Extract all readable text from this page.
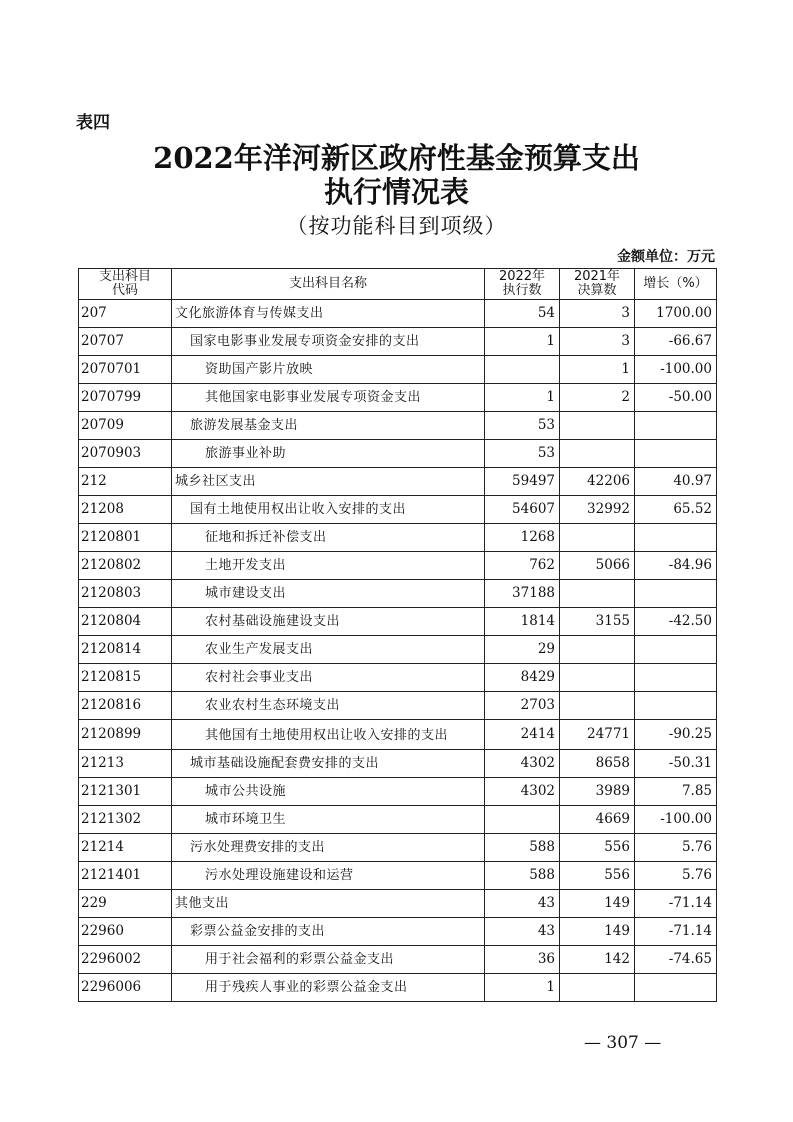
表四
2022年洋河新区政府性基金预算支出
执行情况表
（按功能科目到项级）
金额单位：万元
支出科目代码	支出科目名称	2022年执行数	2021年决算数	增长（%）
207	文化旅游体育与传媒支出	54	3	1700.00
20707	国家电影事业发展专项资金安排的支出	1	3	-66.67
2070701	资助国产影片放映		1	-100.00
2070799	其他国家电影事业发展专项资金支出	1	2	-50.00
20709	旅游发展基金支出	53		
2070903	旅游事业补助	53		
212	城乡社区支出	59497	42206	40.97
21208	国有土地使用权出让收入安排的支出	54607	32992	65.52
2120801	征地和拆迁补偿支出	1268		
2120802	土地开发支出	762	5066	-84.96
2120803	城市建设支出	37188		
2120804	农村基础设施建设支出	1814	3155	-42.50
2120814	农业生产发展支出	29		
2120815	农村社会事业支出	8429		
2120816	农业农村生态环境支出	2703		
2120899	其他国有土地使用权出让收入安排的支出	2414	24771	-90.25
21213	城市基础设施配套费安排的支出	4302	8658	-50.31
2121301	城市公共设施	4302	3989	7.85
2121302	城市环境卫生		4669	-100.00
21214	污水处理费安排的支出	588	556	5.76
2121401	污水处理设施建设和运营	588	556	5.76
229	其他支出	43	149	-71.14
22960	彩票公益金安排的支出	43	149	-71.14
2296002	用于社会福利的彩票公益金支出	36	142	-74.65
2296006	用于残疾人事业的彩票公益金支出	1		
— 307 —
